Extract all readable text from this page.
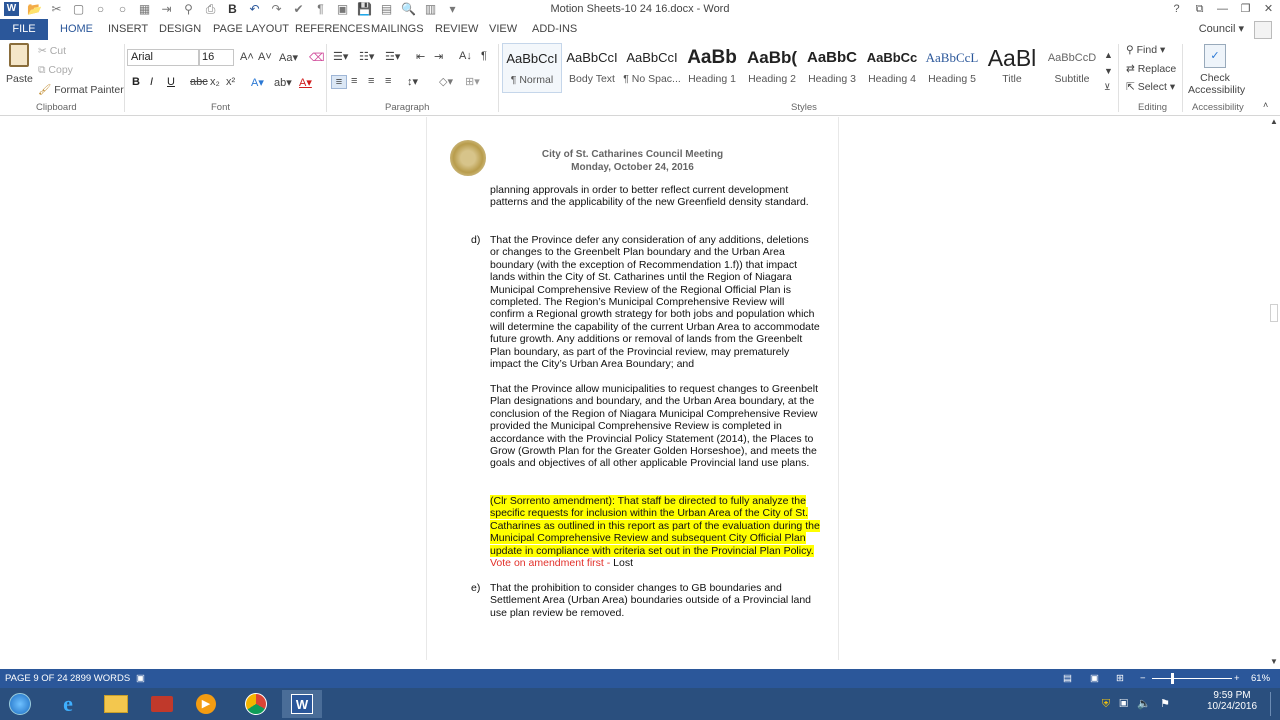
W 📂 ✂ ▢	○	○	▦ ⇥ ⚲ ⎙ B ↶ ↷ ✔	¶	▣ 💾 ▤ 🔍 ▥	▾	Motion Sheets-10 24 16.docx - Word	?	⧉	—	❐	✕
FILE	HOME INSERT DESIGN PAGE LAYOUT REFERENCES MAILINGS REVIEW VIEW ADD-INS	Council ▾
Paste
✂ Cut
⧉ Copy
🖌 Format Painter
Clipboard
Arial	16	A˄ A˅ Aa▾ ⌫
B I U abc x₂ x² A▾ ab▾ A▾
Font
☰▾ ☷▾ ☲▾ ⇤ ⇥ A↓ ¶
≡ ≡ ≡ ≡ ↕▾ ◇▾ ⊞▾
Paragraph
AaBbCcI
¶ Normal
AaBbCcI
Body Text
AaBbCcI
¶ No Spac...
AaBb
Heading 1
AaBb(
Heading 2
AaBbC
Heading 3
AaBbCc
Heading 4
AaBbCcL
Heading 5
AaBl
Title
AaBbCcD
Subtitle
▲
▼
⊻
Styles
⚲ Find ▾
⇄ Replace
⇱ Select ▾
Editing
✓
Check
Accessibility
Accessibility ˄
City of St. Catharines Council Meeting
Monday, October 24, 2016
planning approvals in order to better reflect current development patterns and the applicability of the new Greenfield density standard.
d) That the Province defer any consideration of any additions, deletions or changes to the Greenbelt Plan boundary and the Urban Area boundary (with the exception of Recommendation 1.f)) that impact lands within the City of St. Catharines until the Region of Niagara Municipal Comprehensive Review of the Regional Official Plan is completed. The Region’s Municipal Comprehensive Review will confirm a Regional growth strategy for both jobs and population which will determine the capability of the current Urban Area to accommodate future growth. Any additions or removal of lands from the Greenbelt Plan boundary, as part of the Provincial review, may prematurely impact the City’s Urban Area Boundary; and
That the Province allow municipalities to request changes to Greenbelt Plan designations and boundary, and the Urban Area boundary, at the conclusion of the Region of Niagara Municipal Comprehensive Review provided the Municipal Comprehensive Review is completed in accordance with the Provincial Policy Statement (2014), the Places to Grow (Growth Plan for the Greater Golden Horseshoe), and meets the goals and objectives of all other applicable Provincial land use plans.
(Clr Sorrento amendment): That staff be directed to fully analyze the specific requests for inclusion within the Urban Area of the City of St. Catharines as outlined in this report as part of the evaluation during the Municipal Comprehensive Review and subsequent City Official Plan update in compliance with criteria set out in the Provincial Plan Policy. Vote on amendment first - Lost
e) That the prohibition to consider changes to GB boundaries and Settlement Area (Urban Area) boundaries outside of a Provincial land use plan review be removed.
▲
▼
PAGE 9 OF 24 2899 WORDS ▣	▤ ▣ ⊞ −	+ 61%
e	▶	W	⛨ ▣ 🔈 ⚑
9:59 PM
10/24/2016
